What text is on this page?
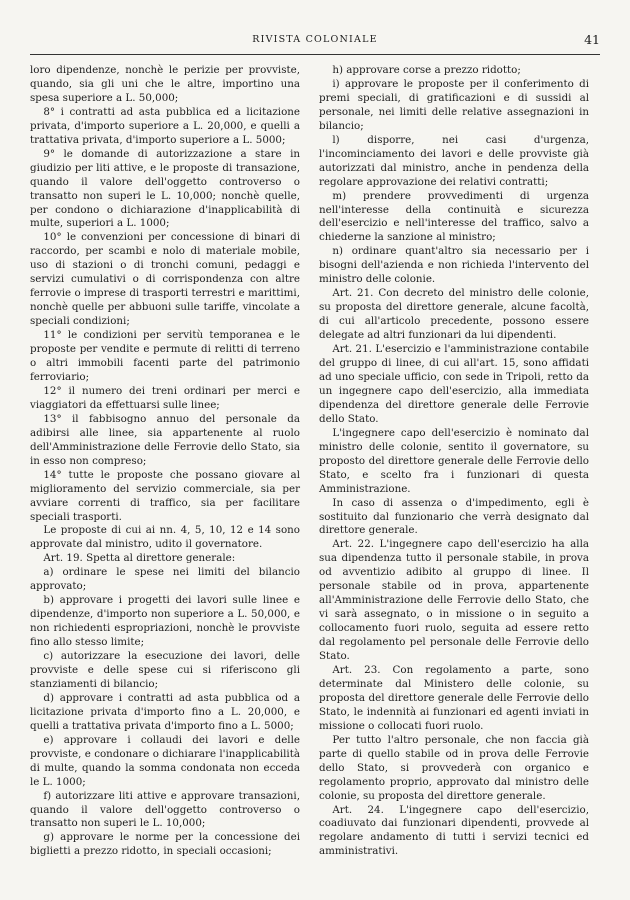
RIVISTA COLONIALE	41

loro dipendenze, nonchè le perizie per provviste, quando, sia gli uni che le altre, importino una spesa superiore a L. 50,000;

8° i contratti ad asta pubblica ed a licitazione privata, d'importo superiore a L. 20,000, e quelli a trattativa privata, d'importo superiore a L. 5000;

9° le domande di autorizzazione a stare in giudizio per liti attive, e le proposte di transazione, quando il valore dell'oggetto controverso o transatto non superi le L. 10,000; nonchè quelle, per condono o dichiarazione d'inapplicabilità di multe, superiori a L. 1000;

10° le convenzioni per concessione di binari di raccordo, per scambi e nolo di materiale mobile, uso di stazioni o di tronchi comuni, pedaggi e servizi cumulativi o di corrispondenza con altre ferrovie o imprese di trasporti terrestri e marittimi, nonchè quelle per abbuoni sulle tariffe, vincolate a speciali condizioni;

11° le condizioni per servitù temporanea e le proposte per vendite e permute di relitti di terreno o altri immobili facenti parte del patrimonio ferroviario;

12° il numero dei treni ordinari per merci e viaggiatori da effettuarsi sulle linee;

13° il fabbisogno annuo del personale da adibirsi alle linee, sia appartenente al ruolo dell'Amministrazione delle Ferrovie dello Stato, sia in esso non compreso;

14° tutte le proposte che possano giovare al miglioramento del servizio commerciale, sia per avviare correnti di traffico, sia per facilitare speciali trasporti.

Le proposte di cui ai nn. 4, 5, 10, 12 e 14 sono approvate dal ministro, udito il governatore.

Art. 19. Spetta al direttore generale:

a) ordinare le spese nei limiti del bilancio approvato;

b) approvare i progetti dei lavori sulle linee e dipendenze, d'importo non superiore a L. 50,000, e non richiedenti espropriazioni, nonchè le provviste fino allo stesso limite;

c) autorizzare la esecuzione dei lavori, delle provviste e delle spese cui si riferiscono gli stanziamenti di bilancio;

d) approvare i contratti ad asta pubblica od a licitazione privata d'importo fino a L. 20,000, e quelli a trattativa privata d'importo fino a L. 5000;

e) approvare i collaudi dei lavori e delle provviste, e condonare o dichiarare l'inapplicabilità di multe, quando la somma condonata non ecceda le L. 1000;

f) autorizzare liti attive e approvare transazioni, quando il valore dell'oggetto controverso o transatto non superi le L. 10,000;

g) approvare le norme per la concessione dei biglietti a prezzo ridotto, in speciali occasioni;

h) approvare corse a prezzo ridotto;

i) approvare le proposte per il conferimento di premi speciali, di gratificazioni e di sussidi al personale, nei limiti delle relative assegnazioni in bilancio;

l) disporre, nei casi d'urgenza, l'incominciamento dei lavori e delle provviste già autorizzati dal ministro, anche in pendenza della regolare approvazione dei relativi contratti;

m) prendere provvedimenti di urgenza nell'interesse della continuità e sicurezza dell'esercizio e nell'interesse del traffico, salvo a chiederne la sanzione al ministro;

n) ordinare quant'altro sia necessario per i bisogni dell'azienda e non richieda l'intervento del ministro delle colonie.

Art. 21. Con decreto del ministro delle colonie, su proposta del direttore generale, alcune facoltà, di cui all'articolo precedente, possono essere delegate ad altri funzionari da lui dipendenti.

Art. 21. L'esercizio e l'amministrazione contabile del gruppo di linee, di cui all'art. 15, sono affidati ad uno speciale ufficio, con sede in Tripoli, retto da un ingegnere capo dell'esercizio, alla immediata dipendenza del direttore generale delle Ferrovie dello Stato.

L'ingegnere capo dell'esercizio è nominato dal ministro delle colonie, sentito il governatore, su proposto del direttore generale delle Ferrovie dello Stato, e scelto fra i funzionari di questa Amministrazione.

In caso di assenza o d'impedimento, egli è sostituito dal funzionario che verrà designato dal direttore generale.

Art. 22. L'ingegnere capo dell'esercizio ha alla sua dipendenza tutto il personale stabile, in prova od avventizio adibito al gruppo di linee. Il personale stabile od in prova, appartenente all'Amministrazione delle Ferrovie dello Stato, che vi sarà assegnato, o in missione o in seguito a collocamento fuori ruolo, seguita ad essere retto dal regolamento pel personale delle Ferrovie dello Stato.

Art. 23. Con regolamento a parte, sono determinate dal Ministero delle colonie, su proposta del direttore generale delle Ferrovie dello Stato, le indennità ai funzionari ed agenti inviati in missione o collocati fuori ruolo.

Per tutto l'altro personale, che non faccia già parte di quello stabile od in prova delle Ferrovie dello Stato, si provvederà con organico e regolamento proprio, approvato dal ministro delle colonie, su proposta del direttore generale.

Art. 24. L'ingegnere capo dell'esercizio, coadiuvato dai funzionari dipendenti, provvede al regolare andamento di tutti i servizi tecnici ed amministrativi.
